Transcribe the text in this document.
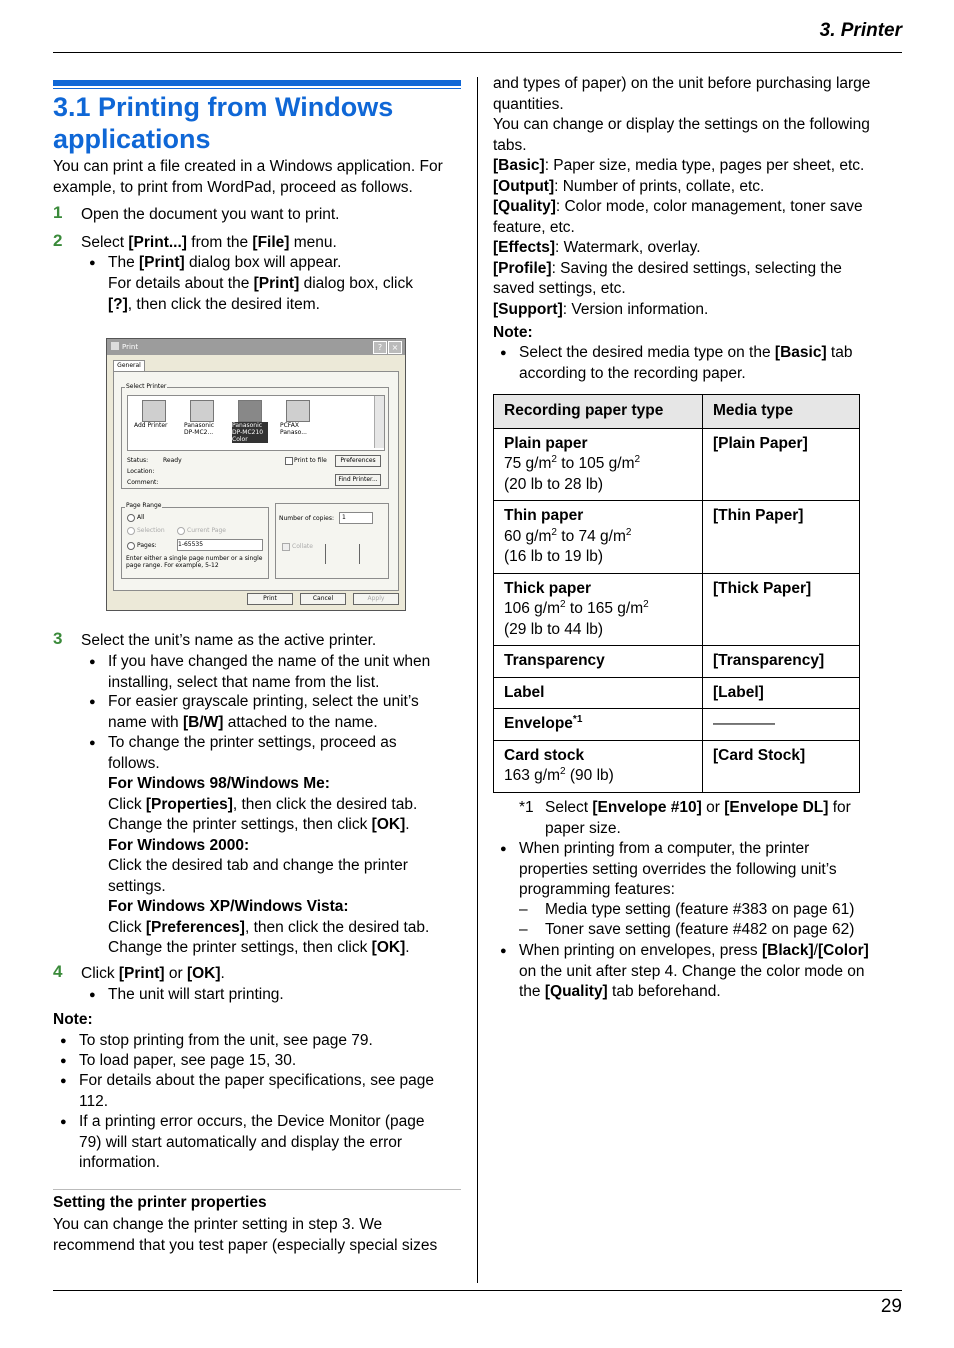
3. Printer
3.1 Printing from Windows
applications
You can print a file created in a Windows application. For
example, to print from WordPad, proceed as follows.
1 Open the document you want to print.
2 Select [Print...] from the [File] menu.
● The [Print] dialog box will appear.
For details about the [Print] dialog box, click
[?], then click the desired item.
Print	?	×
General
Select Printer
Add Printer	Panasonic DP-MC2...
Panasonic DP-MC210 Color
PCFAX Panaso...
Status: Ready
Location:
Comment:
Print to file	Preferences
Find Printer...
Page Range
All
Selection	Current Page
Pages:	1-65535
Enter either a single page number or a single page range. For example, 5-12
Number of copies:	1
Collate
Print	Cancel	Apply
3 Select the unit’s name as the active printer.
● If you have changed the name of the unit when
installing, select that name from the list.
● For easier grayscale printing, select the unit’s
name with [B/W] attached to the name.
● To change the printer settings, proceed as
follows.
For Windows 98/Windows Me:
Click [Properties], then click the desired tab.
Change the printer settings, then click [OK].
For Windows 2000:
Click the desired tab and change the printer
settings.
For Windows XP/Windows Vista:
Click [Preferences], then click the desired tab.
Change the printer settings, then click [OK].
4 Click [Print] or [OK].
● The unit will start printing.
Note:
● To stop printing from the unit, see page 79.
● To load paper, see page 15, 30.
● For details about the paper specifications, see page
112.
● If a printing error occurs, the Device Monitor (page
79) will start automatically and display the error
information.
Setting the printer properties
You can change the printer setting in step 3. We
recommend that you test paper (especially special sizes
and types of paper) on the unit before purchasing large
quantities.
You can change or display the settings on the following
tabs.
[Basic]: Paper size, media type, pages per sheet, etc.
[Output]: Number of prints, collate, etc.
[Quality]: Color mode, color management, toner save
feature, etc.
[Effects]: Watermark, overlay.
[Profile]: Saving the desired settings, selecting the
saved settings, etc.
[Support]: Version information.
Note:
● Select the desired media type on the [Basic] tab
according to the recording paper.
Recording paper type	Media type

Plain paper
75 $g/m^2$ to 105 $g/m^2$
(20 lb to 28 lb)	[Plain Paper]

Thin paper
60 $g/m^2$ to 74 $g/m^2$
(16 lb to 19 lb)	[Thin Paper]

Thick paper
106 $g/m^2$ to 165 $g/m^2$
(29 lb to 44 lb)	[Thick Paper]
Transparency	[Transparency]
Label	[Label]
Envelope$^{*1}$	————

Card stock
163 $g/m^2$ (90 lb)	[Card Stock]
*1 Select [Envelope #10] or [Envelope DL] for
paper size.
● When printing from a computer, the printer
properties setting overrides the following unit’s
programming features:
– Media type setting (feature #383 on page 61)
– Toner save setting (feature #482 on page 62)
● When printing on envelopes, press [Black]/[Color]
on the unit after step 4. Change the color mode on
the [Quality] tab beforehand.
29
